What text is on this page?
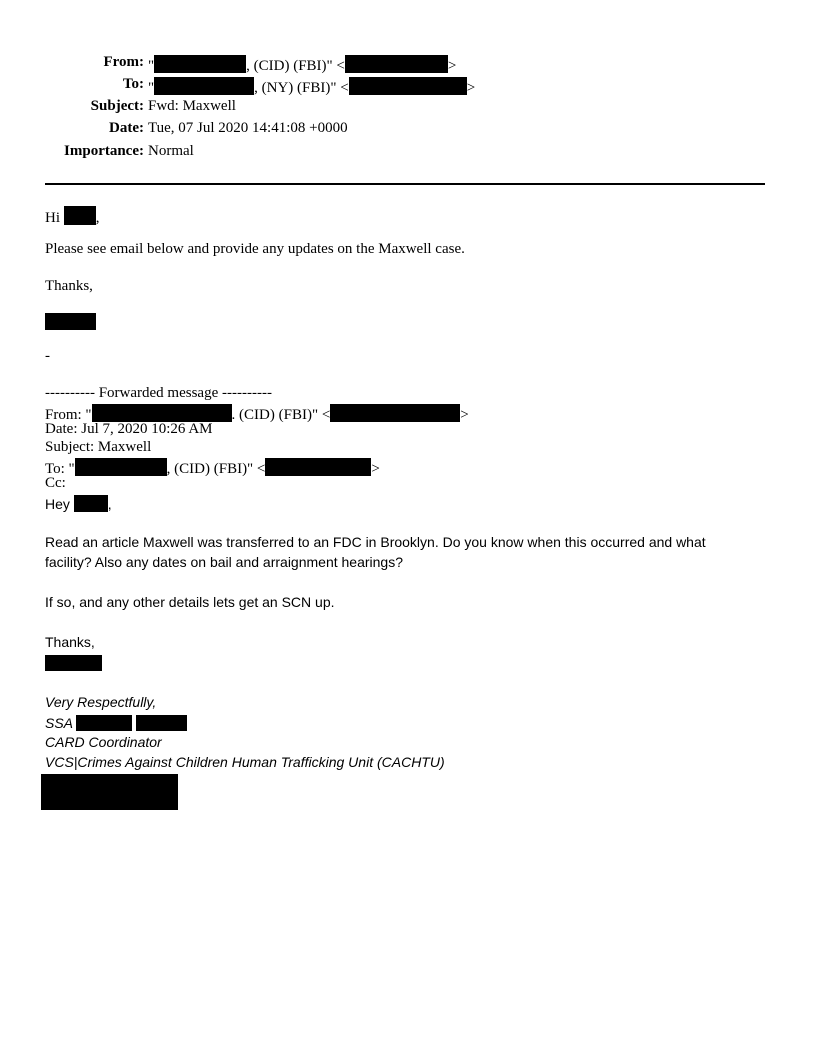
From: "	, (CID) (FBI)" <	>
To: "	, (NY) (FBI)" <	>
Subject: Fwd: Maxwell
Date: Tue, 07 Jul 2020 14:41:08 +0000
Importance: Normal
Hi ,
Please see email below and provide any updates on the Maxwell case.
Thanks,
-
---------- Forwarded message ----------
From: "	. (CID) (FBI)" <	>
Date: Jul 7, 2020 10:26 AM
Subject: Maxwell
To: "	, (CID) (FBI)" <	>
Cc:
Hey	,
Read an article Maxwell was transferred to an FDC in Brooklyn. Do you know when this occurred and what
facility? Also any dates on bail and arraignment hearings?
If so, and any other details lets get an SCN up.
Thanks,
Very Respectfully,
SSA
CARD Coordinator
VCS|Crimes Against Children Human Trafficking Unit (CACHTU)
